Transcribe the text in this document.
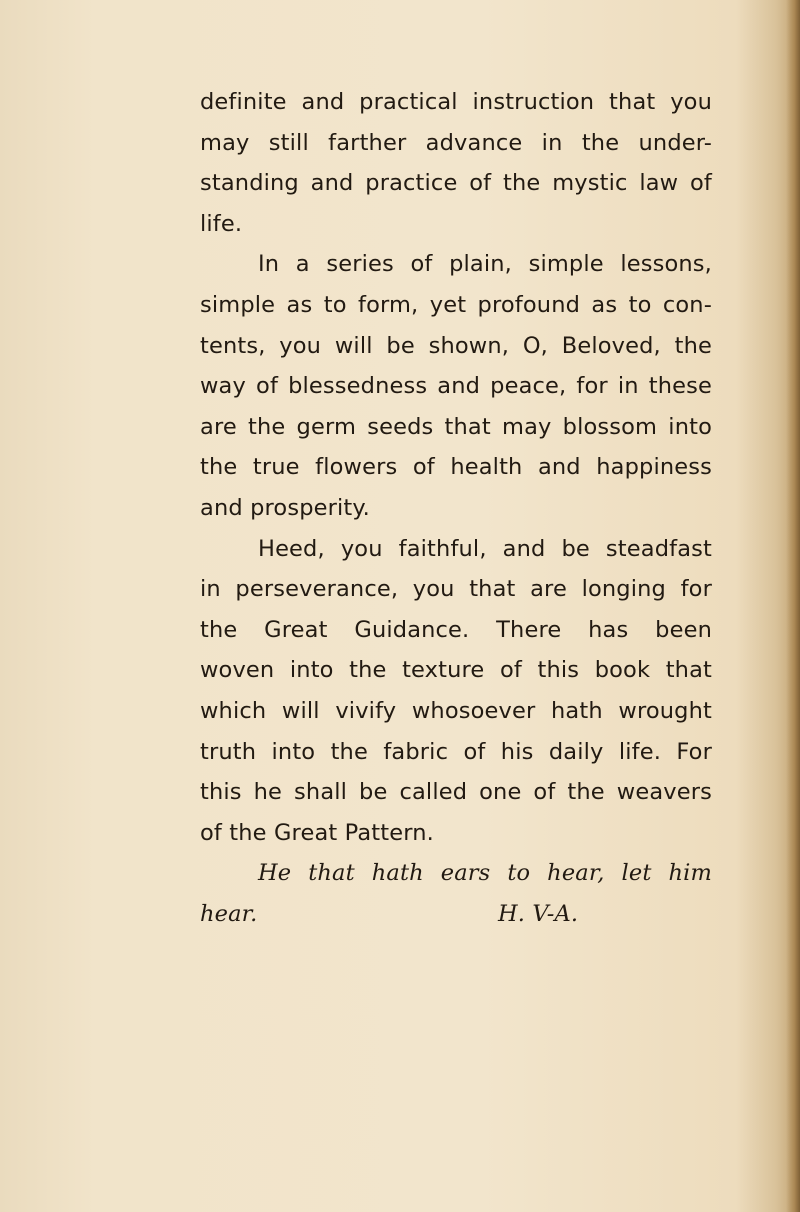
definite and practical instruction that you
may still farther advance in the under-
standing and practice of the mystic law of
life.
In a series of plain, simple lessons,
simple as to form, yet profound as to con-
tents, you will be shown, O, Beloved, the
way of blessedness and peace, for in these
are the germ seeds that may blossom into
the true flowers of health and happiness
and prosperity.
Heed, you faithful, and be steadfast
in perseverance, you that are longing for
the Great Guidance. There has been
woven into the texture of this book that
which will vivify whosoever hath wrought
truth into the fabric of his daily life. For
this he shall be called one of the weavers
of the Great Pattern.
He that hath ears to hear, let him
hear.	H. V-A.
